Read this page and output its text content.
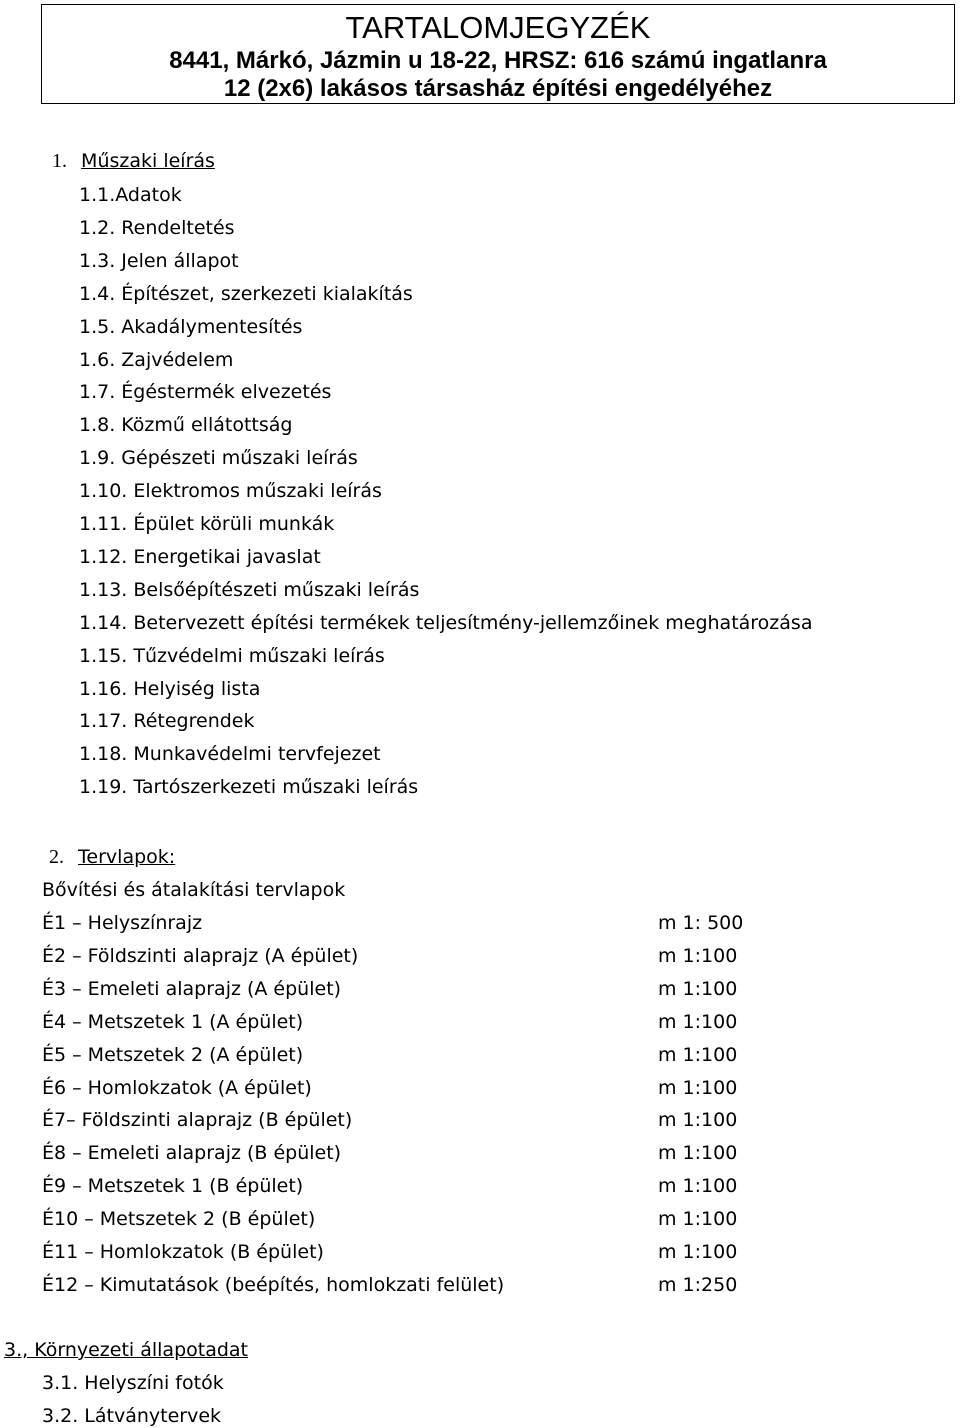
TARTALOMJEGYZÉK
8441, Márkó, Jázmin u 18-22, HRSZ: 616 számú ingatlanra
12 (2x6) lakásos társasház építési engedélyéhez
1. Műszaki leírás
1.1.Adatok
1.2. Rendeltetés
1.3. Jelen állapot
1.4. Építészet, szerkezeti kialakítás
1.5. Akadálymentesítés
1.6. Zajvédelem
1.7. Égéstermék elvezetés
1.8. Közmű ellátottság
1.9. Gépészeti műszaki leírás
1.10. Elektromos műszaki leírás
1.11. Épület körüli munkák
1.12. Energetikai javaslat
1.13. Belsőépítészeti műszaki leírás
1.14. Betervezett építési termékek teljesítmény-jellemzőinek meghatározása
1.15. Tűzvédelmi műszaki leírás
1.16. Helyiség lista
1.17. Rétegrendek
1.18. Munkavédelmi tervfejezet
1.19. Tartószerkezeti műszaki leírás
2. Tervlapok:
Bővítési és átalakítási tervlapok
É1 – Helyszínrajz	m 1: 500
É2 – Földszinti alaprajz (A épület)	m 1:100
É3 – Emeleti alaprajz (A épület)	m 1:100
É4 – Metszetek 1 (A épület)	m 1:100
É5 – Metszetek 2 (A épület)	m 1:100
É6 – Homlokzatok (A épület)	m 1:100
É7– Földszinti alaprajz (B épület)	m 1:100
É8 – Emeleti alaprajz (B épület)	m 1:100
É9 – Metszetek 1 (B épület)	m 1:100
É10 – Metszetek 2 (B épület)	m 1:100
É11 – Homlokzatok (B épület)	m 1:100
É12 – Kimutatások (beépítés, homlokzati felület)	m 1:250
3., Környezeti állapotadat
3.1. Helyszíni fotók
3.2. Látványtervek
